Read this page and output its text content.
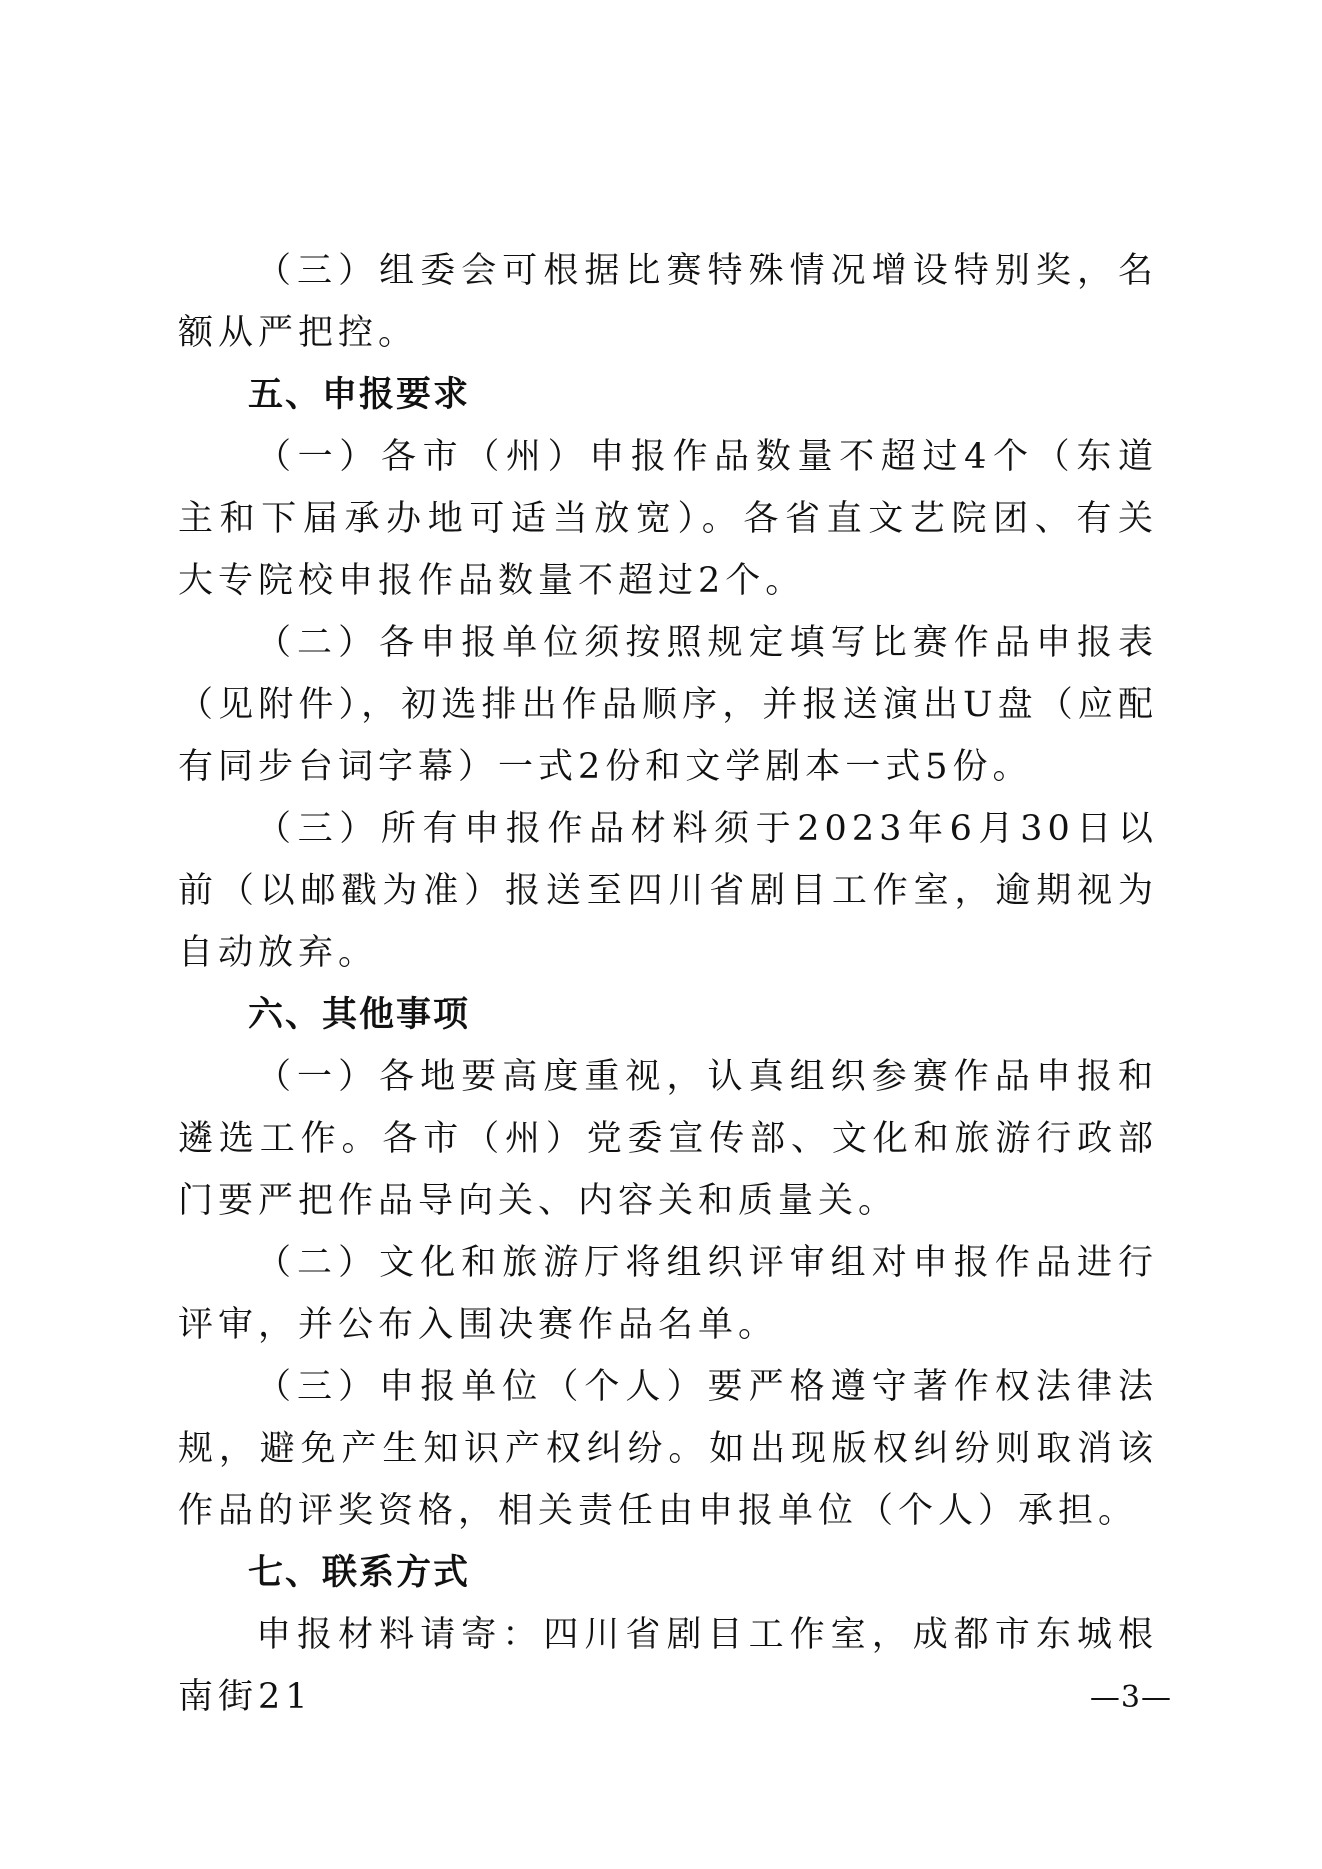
（三）组委会可根据比赛特殊情况增设特别奖，名额从严把控。

五、申报要求

（一）各市（州）申报作品数量不超过4个（东道主和下届承办地可适当放宽）。各省直文艺院团、有关大专院校申报作品数量不超过2个。

（二）各申报单位须按照规定填写比赛作品申报表（见附件），初选排出作品顺序，并报送演出U盘（应配有同步台词字幕）一式2份和文学剧本一式5份。

（三）所有申报作品材料须于2023年6月30日以前（以邮戳为准）报送至四川省剧目工作室，逾期视为自动放弃。

六、其他事项

（一）各地要高度重视，认真组织参赛作品申报和遴选工作。各市（州）党委宣传部、文化和旅游行政部门要严把作品导向关、内容关和质量关。

（二）文化和旅游厅将组织评审组对申报作品进行评审，并公布入围决赛作品名单。

（三）申报单位（个人）要严格遵守著作权法律法规，避免产生知识产权纠纷。如出现版权纠纷则取消该作品的评奖资格，相关责任由申报单位（个人）承担。

七、联系方式

申报材料请寄：四川省剧目工作室，成都市东城根南街21	—3—
